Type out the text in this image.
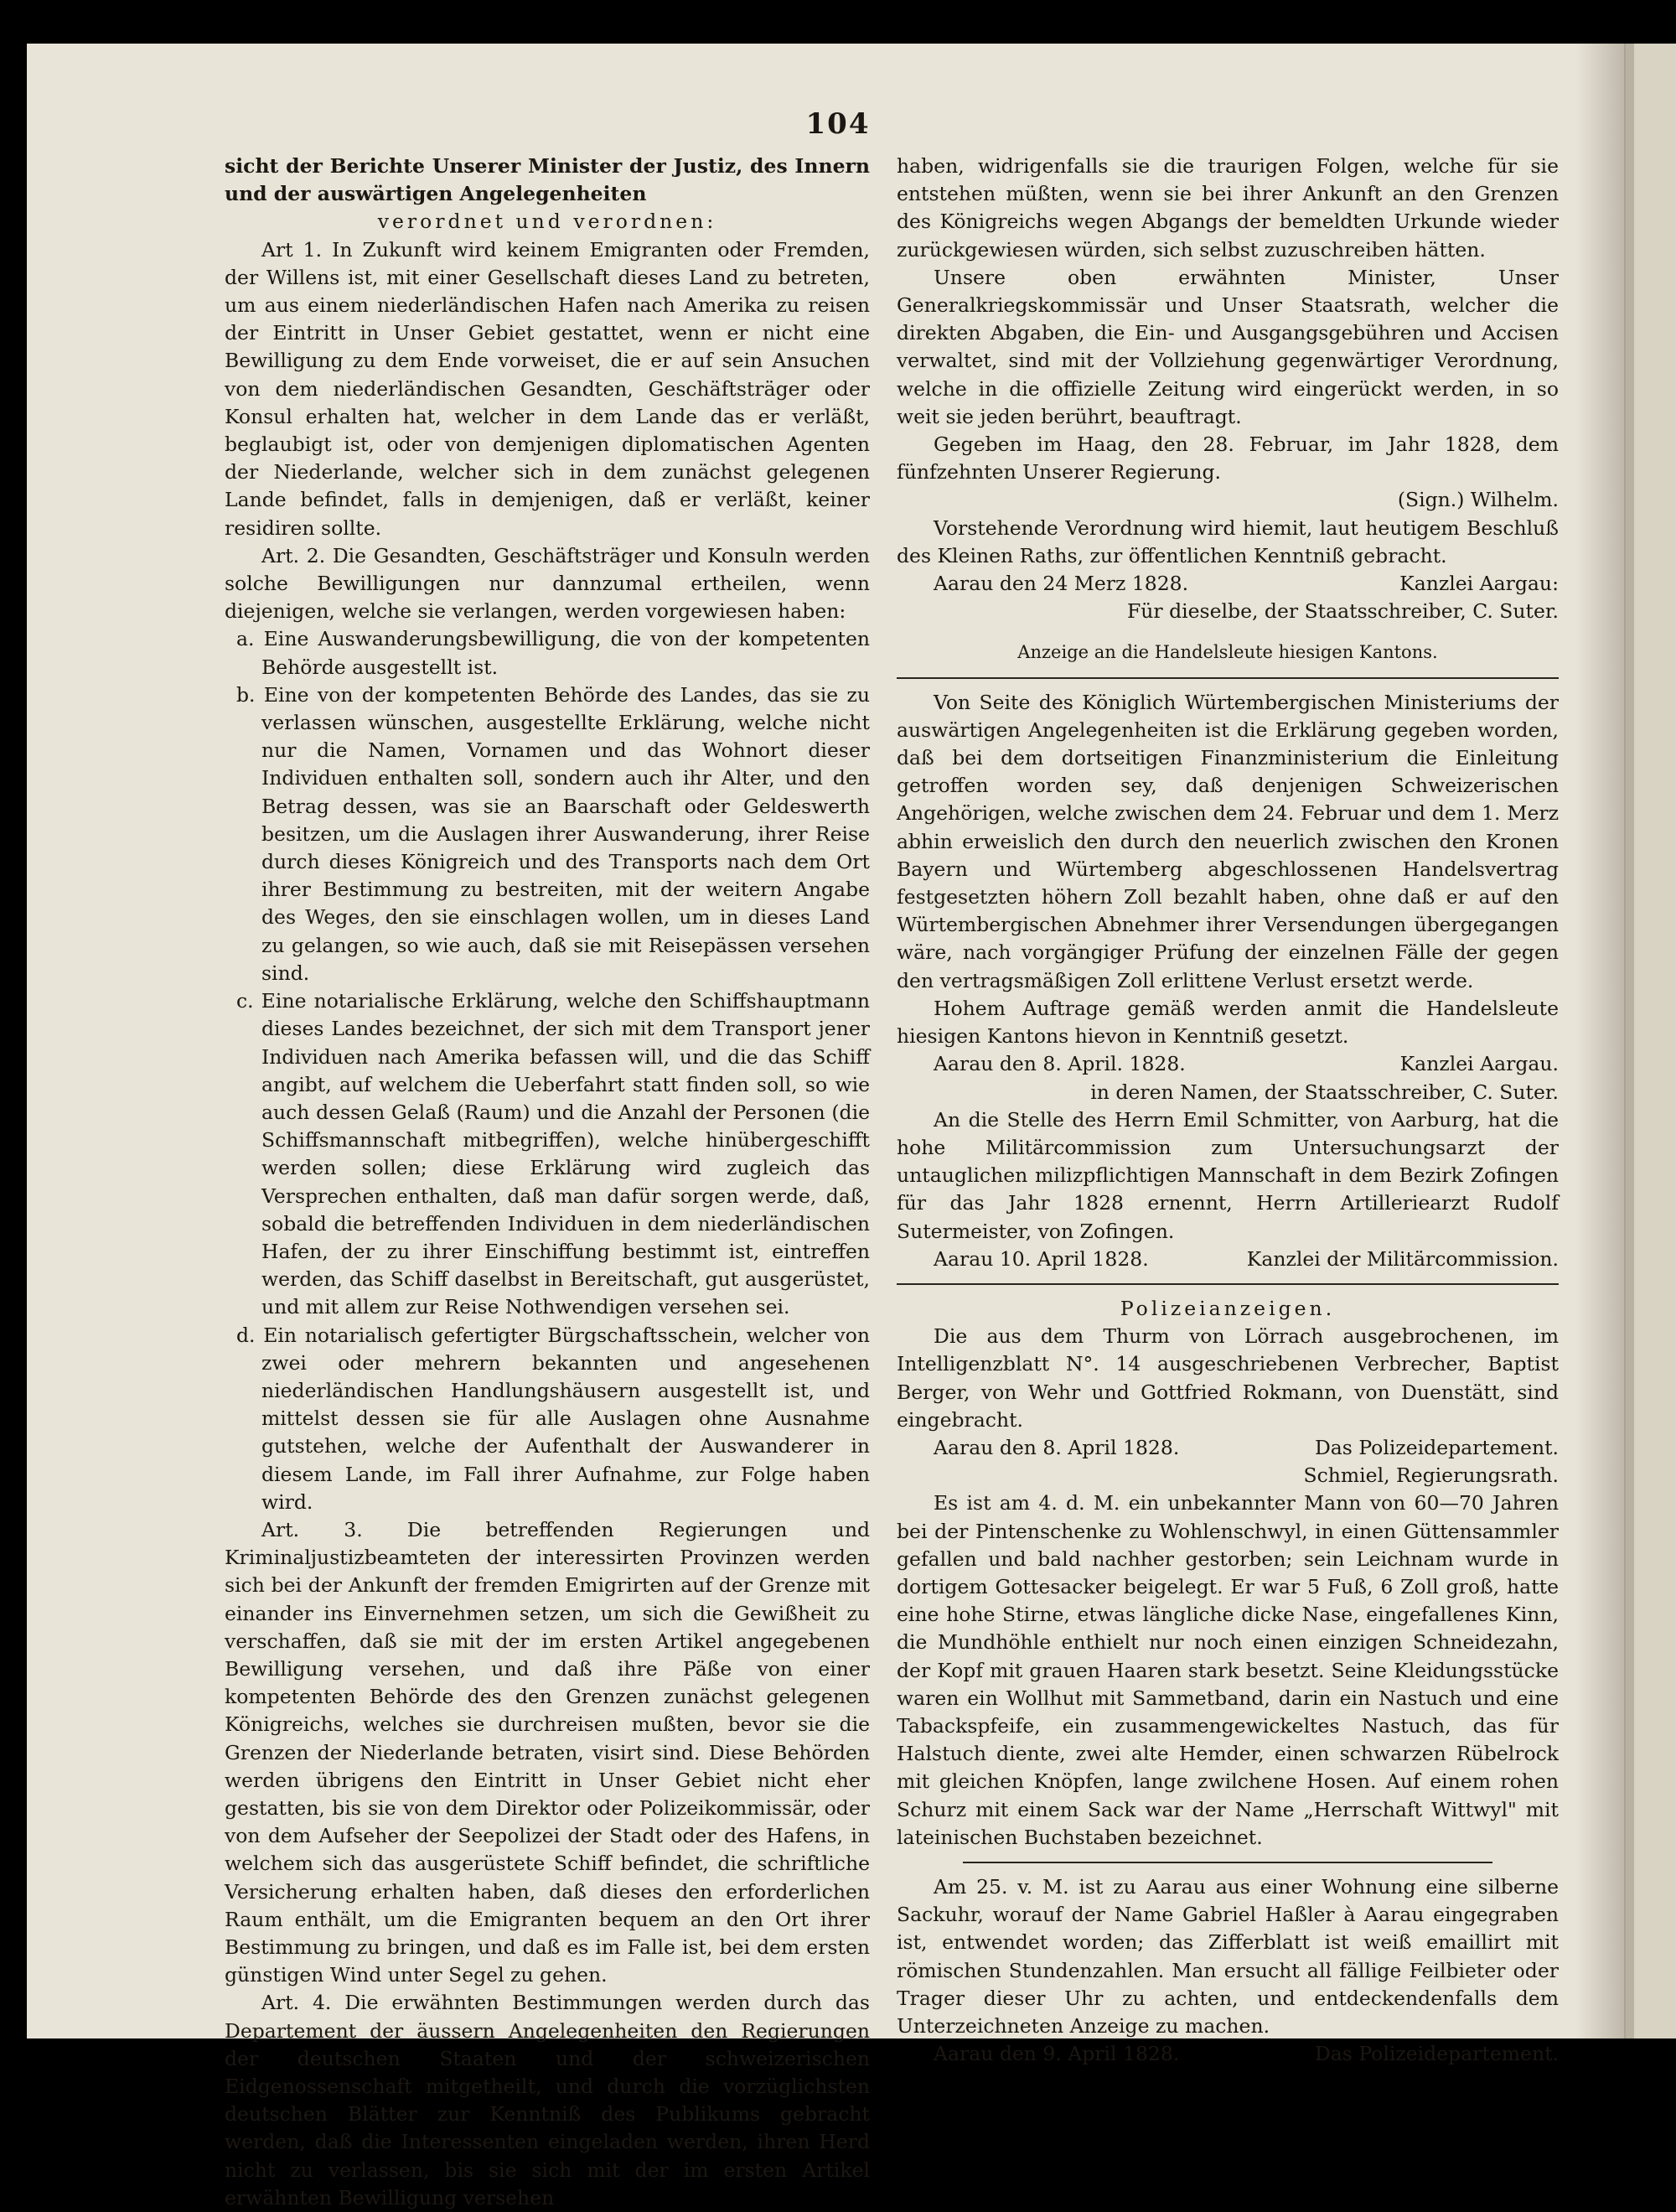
104

sicht der Berichte Unserer Minister der Justiz, des Innern und der auswärtigen Angelegenheiten

verordnet und verordnen:

Art 1. In Zukunft wird keinem Emigranten oder Fremden, der Willens ist, mit einer Gesellschaft dieses Land zu betreten, um aus einem niederländischen Hafen nach Amerika zu reisen der Eintritt in Unser Gebiet gestattet, wenn er nicht eine Bewilligung zu dem Ende vorweiset, die er auf sein Ansuchen von dem niederländischen Gesandten, Geschäftsträger oder Konsul erhalten hat, welcher in dem Lande das er verläßt, beglaubigt ist, oder von demjenigen diplomatischen Agenten der Niederlande, welcher sich in dem zunächst gelegenen Lande befindet, falls in demjenigen, daß er verläßt, keiner residiren sollte.

Art. 2. Die Gesandten, Geschäftsträger und Konsuln werden solche Bewilligungen nur dannzumal ertheilen, wenn diejenigen, welche sie verlangen, werden vorgewiesen haben:

a. Eine Auswanderungsbewilligung, die von der kompetenten Behörde ausgestellt ist.

b. Eine von der kompetenten Behörde des Landes, das sie zu verlassen wünschen, ausgestellte Erklärung, welche nicht nur die Namen, Vornamen und das Wohnort dieser Individuen enthalten soll, sondern auch ihr Alter, und den Betrag dessen, was sie an Baarschaft oder Geldeswerth besitzen, um die Auslagen ihrer Auswanderung, ihrer Reise durch dieses Königreich und des Transports nach dem Ort ihrer Bestimmung zu bestreiten, mit der weitern Angabe des Weges, den sie einschlagen wollen, um in dieses Land zu gelangen, so wie auch, daß sie mit Reisepässen versehen sind.

c. Eine notarialische Erklärung, welche den Schiffshauptmann dieses Landes bezeichnet, der sich mit dem Transport jener Individuen nach Amerika befassen will, und die das Schiff angibt, auf welchem die Ueberfahrt statt finden soll, so wie auch dessen Gelaß (Raum) und die Anzahl der Personen (die Schiffsmannschaft mitbegriffen), welche hinübergeschifft werden sollen; diese Erklärung wird zugleich das Versprechen enthalten, daß man dafür sorgen werde, daß, sobald die betreffenden Individuen in dem niederländischen Hafen, der zu ihrer Einschiffung bestimmt ist, eintreffen werden, das Schiff daselbst in Bereitschaft, gut ausgerüstet, und mit allem zur Reise Nothwendigen versehen sei.

d. Ein notarialisch gefertigter Bürgschaftsschein, welcher von zwei oder mehrern bekannten und angesehenen niederländischen Handlungshäusern ausgestellt ist, und mittelst dessen sie für alle Auslagen ohne Ausnahme gutstehen, welche der Aufenthalt der Auswanderer in diesem Lande, im Fall ihrer Aufnahme, zur Folge haben wird.

Art. 3. Die betreffenden Regierungen und Kriminaljustizbeamteten der interessirten Provinzen werden sich bei der Ankunft der fremden Emigrirten auf der Grenze mit einander ins Einvernehmen setzen, um sich die Gewißheit zu verschaffen, daß sie mit der im ersten Artikel angegebenen Bewilligung versehen, und daß ihre Päße von einer kompetenten Behörde des den Grenzen zunächst gelegenen Königreichs, welches sie durchreisen mußten, bevor sie die Grenzen der Niederlande betraten, visirt sind. Diese Behörden werden übrigens den Eintritt in Unser Gebiet nicht eher gestatten, bis sie von dem Direktor oder Polizeikommissär, oder von dem Aufseher der Seepolizei der Stadt oder des Hafens, in welchem sich das ausgerüstete Schiff befindet, die schriftliche Versicherung erhalten haben, daß dieses den erforderlichen Raum enthält, um die Emigranten bequem an den Ort ihrer Bestimmung zu bringen, und daß es im Falle ist, bei dem ersten günstigen Wind unter Segel zu gehen.

Art. 4. Die erwähnten Bestimmungen werden durch das Departement der äussern Angelegenheiten den Regierungen der deutschen Staaten und der schweizerischen Eidgenossenschaft mitgetheilt, und durch die vorzüglichsten deutschen Blätter zur Kenntniß des Publikums gebracht werden, daß die Interessenten eingeladen werden, ihren Herd nicht zu verlassen, bis sie sich mit der im ersten Artikel erwähnten Bewilligung versehen

haben, widrigenfalls sie die traurigen Folgen, welche für sie entstehen müßten, wenn sie bei ihrer Ankunft an den Grenzen des Königreichs wegen Abgangs der bemeldten Urkunde wieder zurückgewiesen würden, sich selbst zuzuschreiben hätten.

Unsere oben erwähnten Minister, Unser Generalkriegskommissär und Unser Staatsrath, welcher die direkten Abgaben, die Ein- und Ausgangsgebühren und Accisen verwaltet, sind mit der Vollziehung gegenwärtiger Verordnung, welche in die offizielle Zeitung wird eingerückt werden, in so weit sie jeden berührt, beauftragt.

Gegeben im Haag, den 28. Februar, im Jahr 1828, dem fünfzehnten Unserer Regierung.

(Sign.) Wilhelm.

Vorstehende Verordnung wird hiemit, laut heutigem Beschluß des Kleinen Raths, zur öffentlichen Kenntniß gebracht.

Aarau den 24 Merz 1828.	Kanzlei Aargau:

Für dieselbe, der Staatsschreiber, C. Suter.

Anzeige an die Handelsleute hiesigen Kantons.

Von Seite des Königlich Würtembergischen Ministeriums der auswärtigen Angelegenheiten ist die Erklärung gegeben worden, daß bei dem dortseitigen Finanzministerium die Einleitung getroffen worden sey, daß denjenigen Schweizerischen Angehörigen, welche zwischen dem 24. Februar und dem 1. Merz abhin erweislich den durch den neuerlich zwischen den Kronen Bayern und Würtemberg abgeschlossenen Handelsvertrag festgesetzten höhern Zoll bezahlt haben, ohne daß er auf den Würtembergischen Abnehmer ihrer Versendungen übergegangen wäre, nach vorgängiger Prüfung der einzelnen Fälle der gegen den vertragsmäßigen Zoll erlittene Verlust ersetzt werde.

Hohem Auftrage gemäß werden anmit die Handelsleute hiesigen Kantons hievon in Kenntniß gesetzt.

Aarau den 8. April. 1828.	Kanzlei Aargau.

in deren Namen, der Staatsschreiber, C. Suter.

An die Stelle des Herrn Emil Schmitter, von Aarburg, hat die hohe Militärcommission zum Untersuchungsarzt der untauglichen milizpflichtigen Mannschaft in dem Bezirk Zofingen für das Jahr 1828 ernennt, Herrn Artilleriearzt Rudolf Sutermeister, von Zofingen.

Aarau 10. April 1828.	Kanzlei der Militärcommission.

Polizeianzeigen.

Die aus dem Thurm von Lörrach ausgebrochenen, im Intelligenzblatt N°. 14 ausgeschriebenen Verbrecher, Baptist Berger, von Wehr und Gottfried Rokmann, von Duenstätt, sind eingebracht.

Aarau den 8. April 1828.	Das Polizeidepartement.

Schmiel, Regierungsrath.

Es ist am 4. d. M. ein unbekannter Mann von 60—70 Jahren bei der Pintenschenke zu Wohlenschwyl, in einen Güttensammler gefallen und bald nachher gestorben; sein Leichnam wurde in dortigem Gottesacker beigelegt. Er war 5 Fuß, 6 Zoll groß, hatte eine hohe Stirne, etwas längliche dicke Nase, eingefallenes Kinn, die Mundhöhle enthielt nur noch einen einzigen Schneidezahn, der Kopf mit grauen Haaren stark besetzt. Seine Kleidungsstücke waren ein Wollhut mit Sammetband, darin ein Nastuch und eine Tabackspfeife, ein zusammengewickeltes Nastuch, das für Halstuch diente, zwei alte Hemder, einen schwarzen Rübelrock mit gleichen Knöpfen, lange zwilchene Hosen. Auf einem rohen Schurz mit einem Sack war der Name „Herrschaft Wittwyl" mit lateinischen Buchstaben bezeichnet.

Am 25. v. M. ist zu Aarau aus einer Wohnung eine silberne Sackuhr, worauf der Name Gabriel Haßler à Aarau eingegraben ist, entwendet worden; das Zifferblatt ist weiß emaillirt mit römischen Stundenzahlen. Man ersucht all fällige Feilbieter oder Trager dieser Uhr zu achten, und entdeckendenfalls dem Unterzeichneten Anzeige zu machen.

Aarau den 9. April 1828.	Das Polizeidepartement.
